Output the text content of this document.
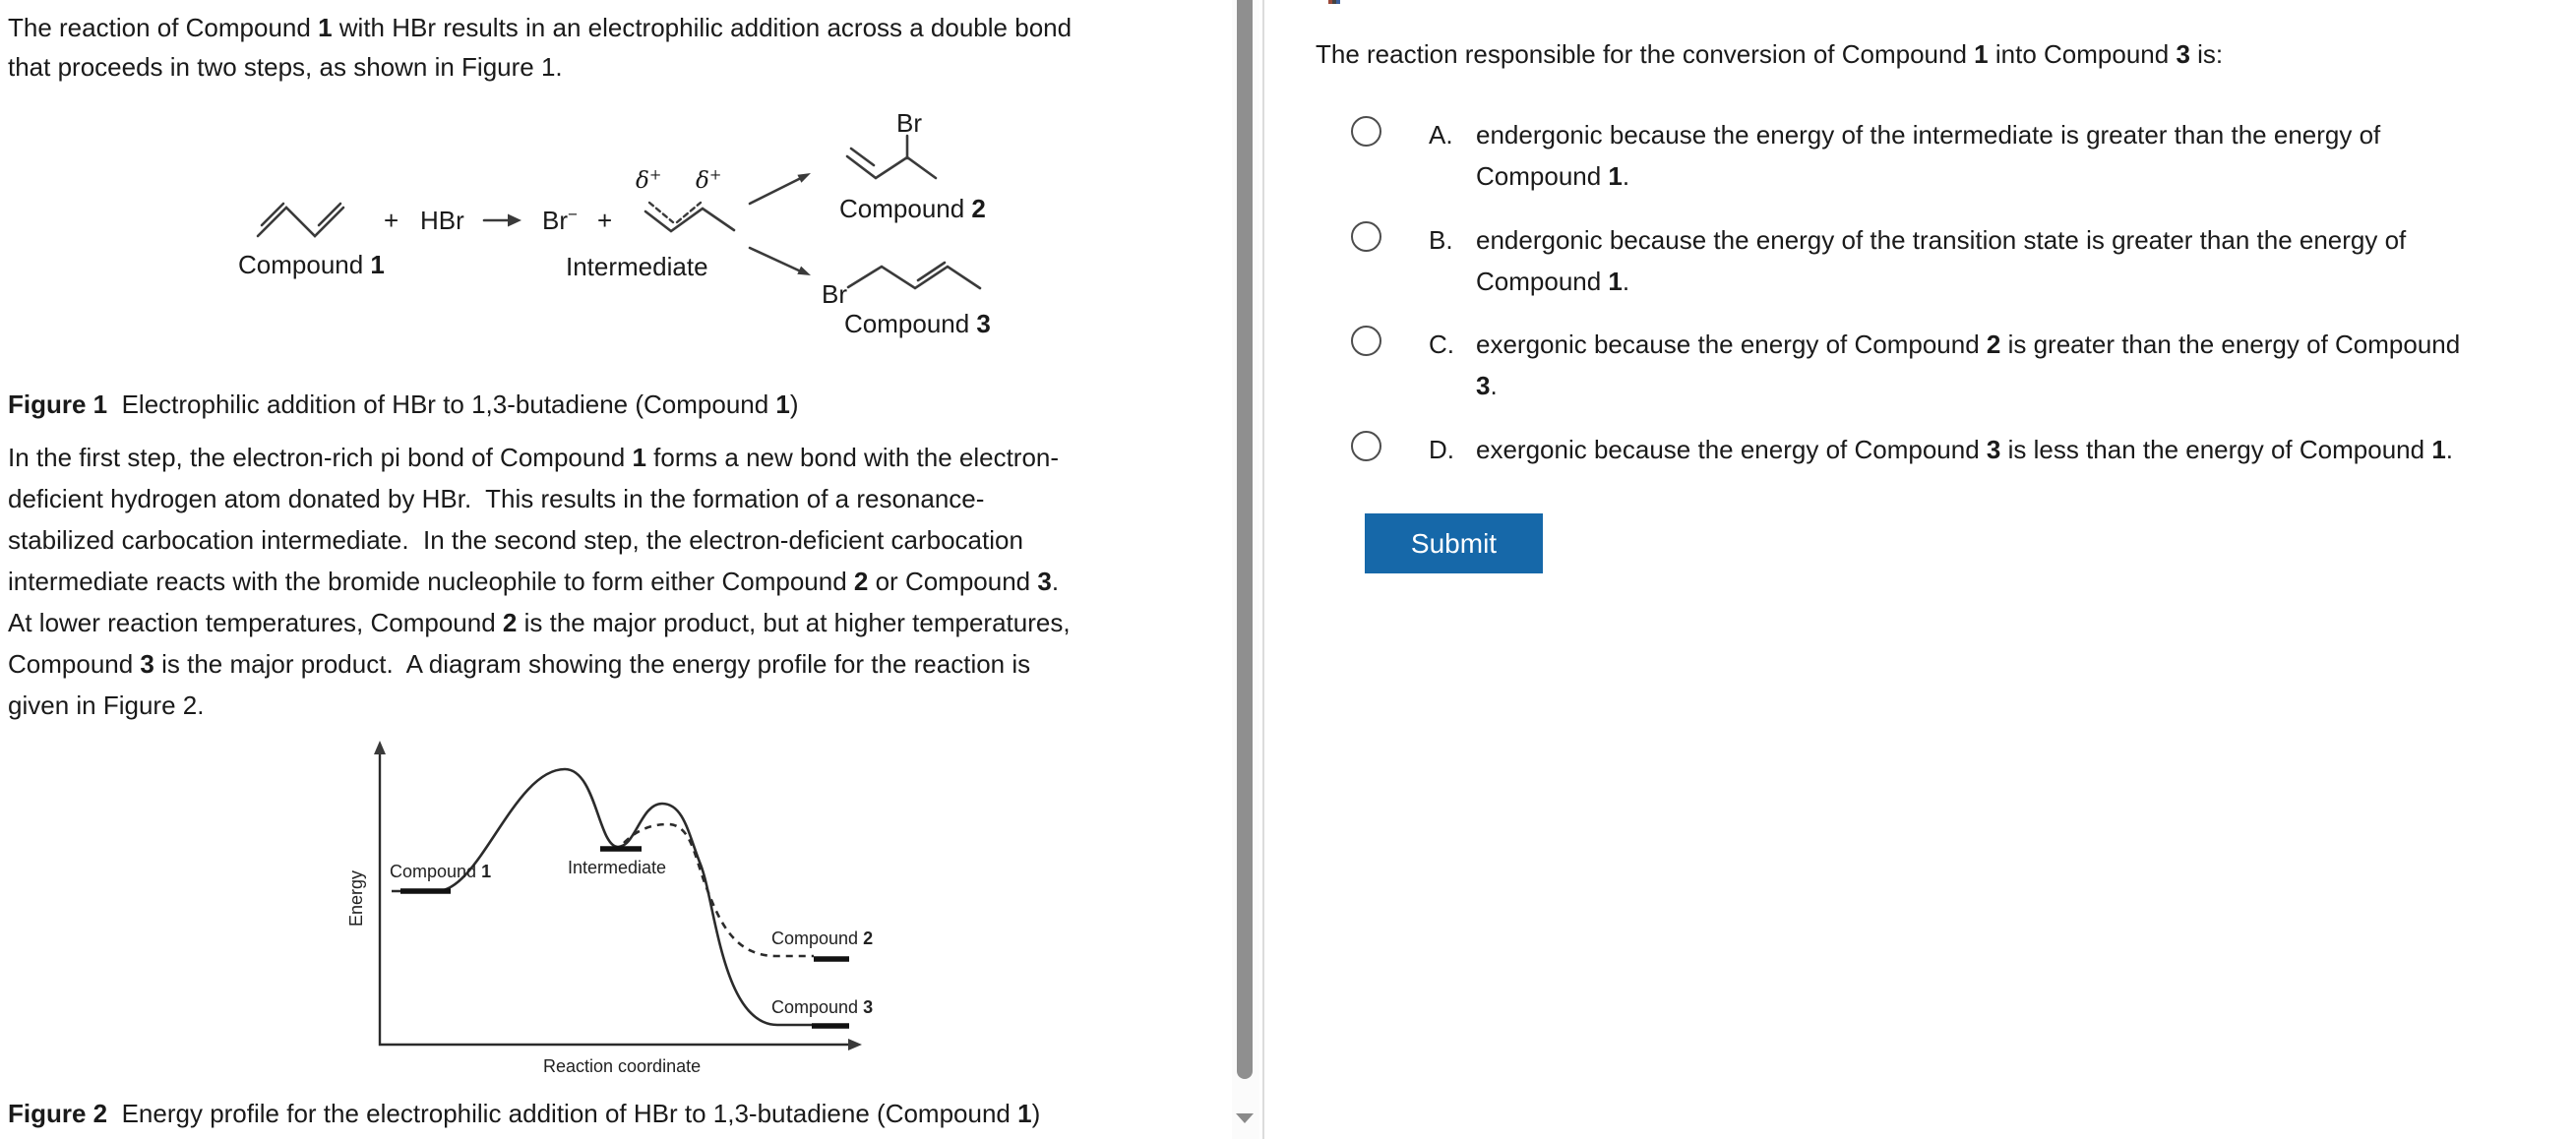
The reaction of Compound 1 with HBr results in an electrophilic addition across a double bond
that proceeds in two steps, as shown in Figure 1.
Compound 1
+ HBr	Br− +
δ+ δ+
Intermediate
Br
Compound 2
Br
Compound 3
Figure 1  Electrophilic addition of HBr to 1,3-butadiene (Compound 1)
In the first step, the electron-rich pi bond of Compound 1 forms a new bond with the electron-
deficient hydrogen atom donated by HBr.  This results in the formation of a resonance-
stabilized carbocation intermediate.  In the second step, the electron-deficient carbocation
intermediate reacts with the bromide nucleophile to form either Compound 2 or Compound 3.
At lower reaction temperatures, Compound 2 is the major product, but at higher temperatures,
Compound 3 is the major product.  A diagram showing the energy profile for the reaction is
given in Figure 2.
Energy Compound 1	Intermediate
Compound 2
Compound 3
Reaction coordinate
Figure 2  Energy profile for the electrophilic addition of HBr to 1,3-butadiene (Compound 1)
The reaction responsible for the conversion of Compound 1 into Compound 3 is:
A. endergonic because the energy of the intermediate is greater than the energy of
Compound 1.
B. endergonic because the energy of the transition state is greater than the energy of
Compound 1.
C. exergonic because the energy of Compound 2 is greater than the energy of Compound
3.
D. exergonic because the energy of Compound 3 is less than the energy of Compound 1.
Submit
